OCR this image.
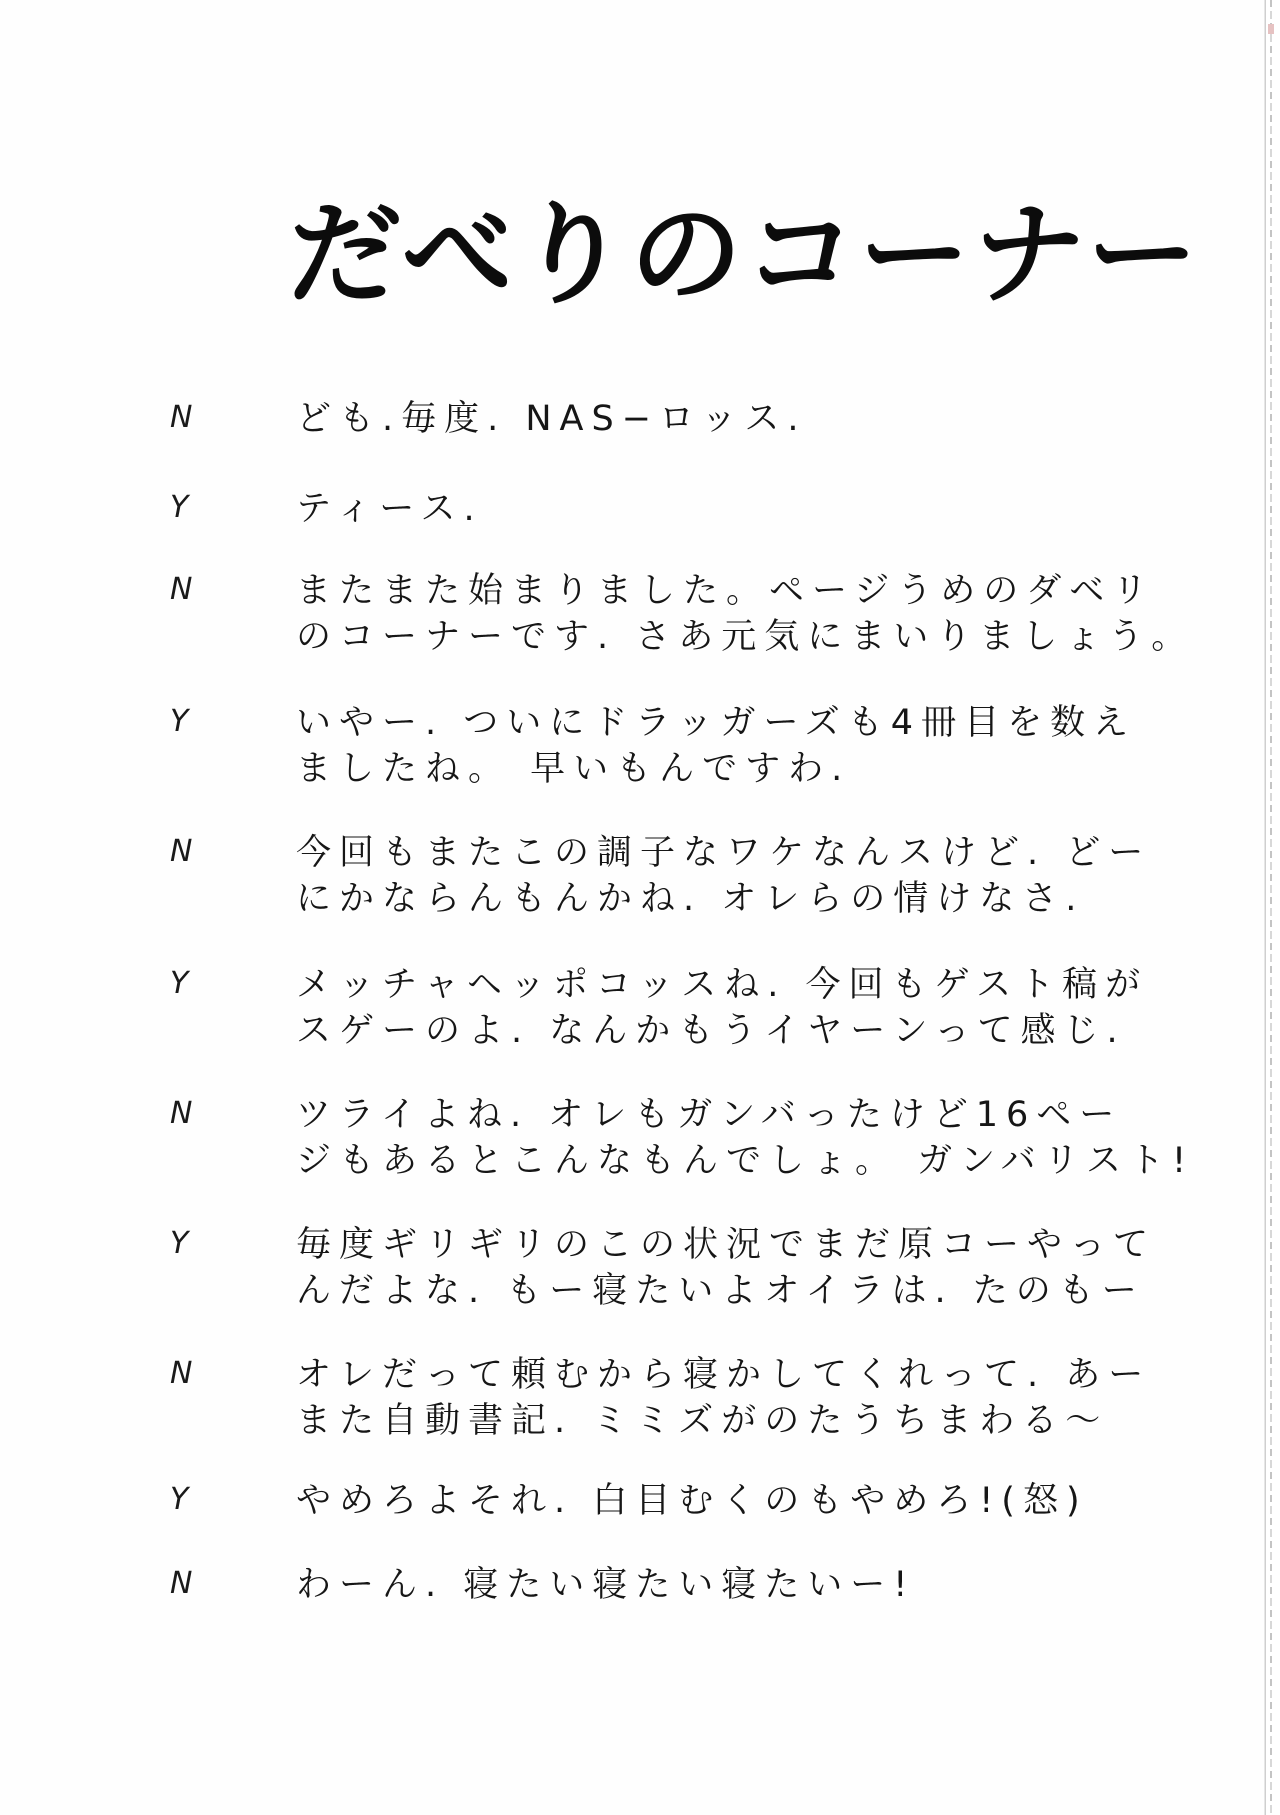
だべりのコーナー
N	ども.毎度. NAS−ロッス.
Y	ティース.
N	またまた始まりました。ページうめのダベリ
のコーナーです. さあ元気にまいりましょう。
Y	いやー. ついにドラッガーズも4冊目を数え
ましたね。 早いもんですわ.
N	今回もまたこの調子なワケなんスけど. どー
にかならんもんかね. オレらの情けなさ.
Y	メッチャヘッポコッスね. 今回もゲスト稿が
スゲーのよ. なんかもうイヤーンって感じ.
N	ツライよね. オレもガンバったけど16ペー
ジもあるとこんなもんでしょ。 ガンバリスト!
Y	毎度ギリギリのこの状況でまだ原コーやって
んだよな. もー寝たいよオイラは. たのもー
N	オレだって頼むから寝かしてくれって. あー
また自動書記. ミミズがのたうちまわる〜
Y	やめろよそれ. 白目むくのもやめろ!(怒)
N	わーん. 寝たい寝たい寝たいー!
